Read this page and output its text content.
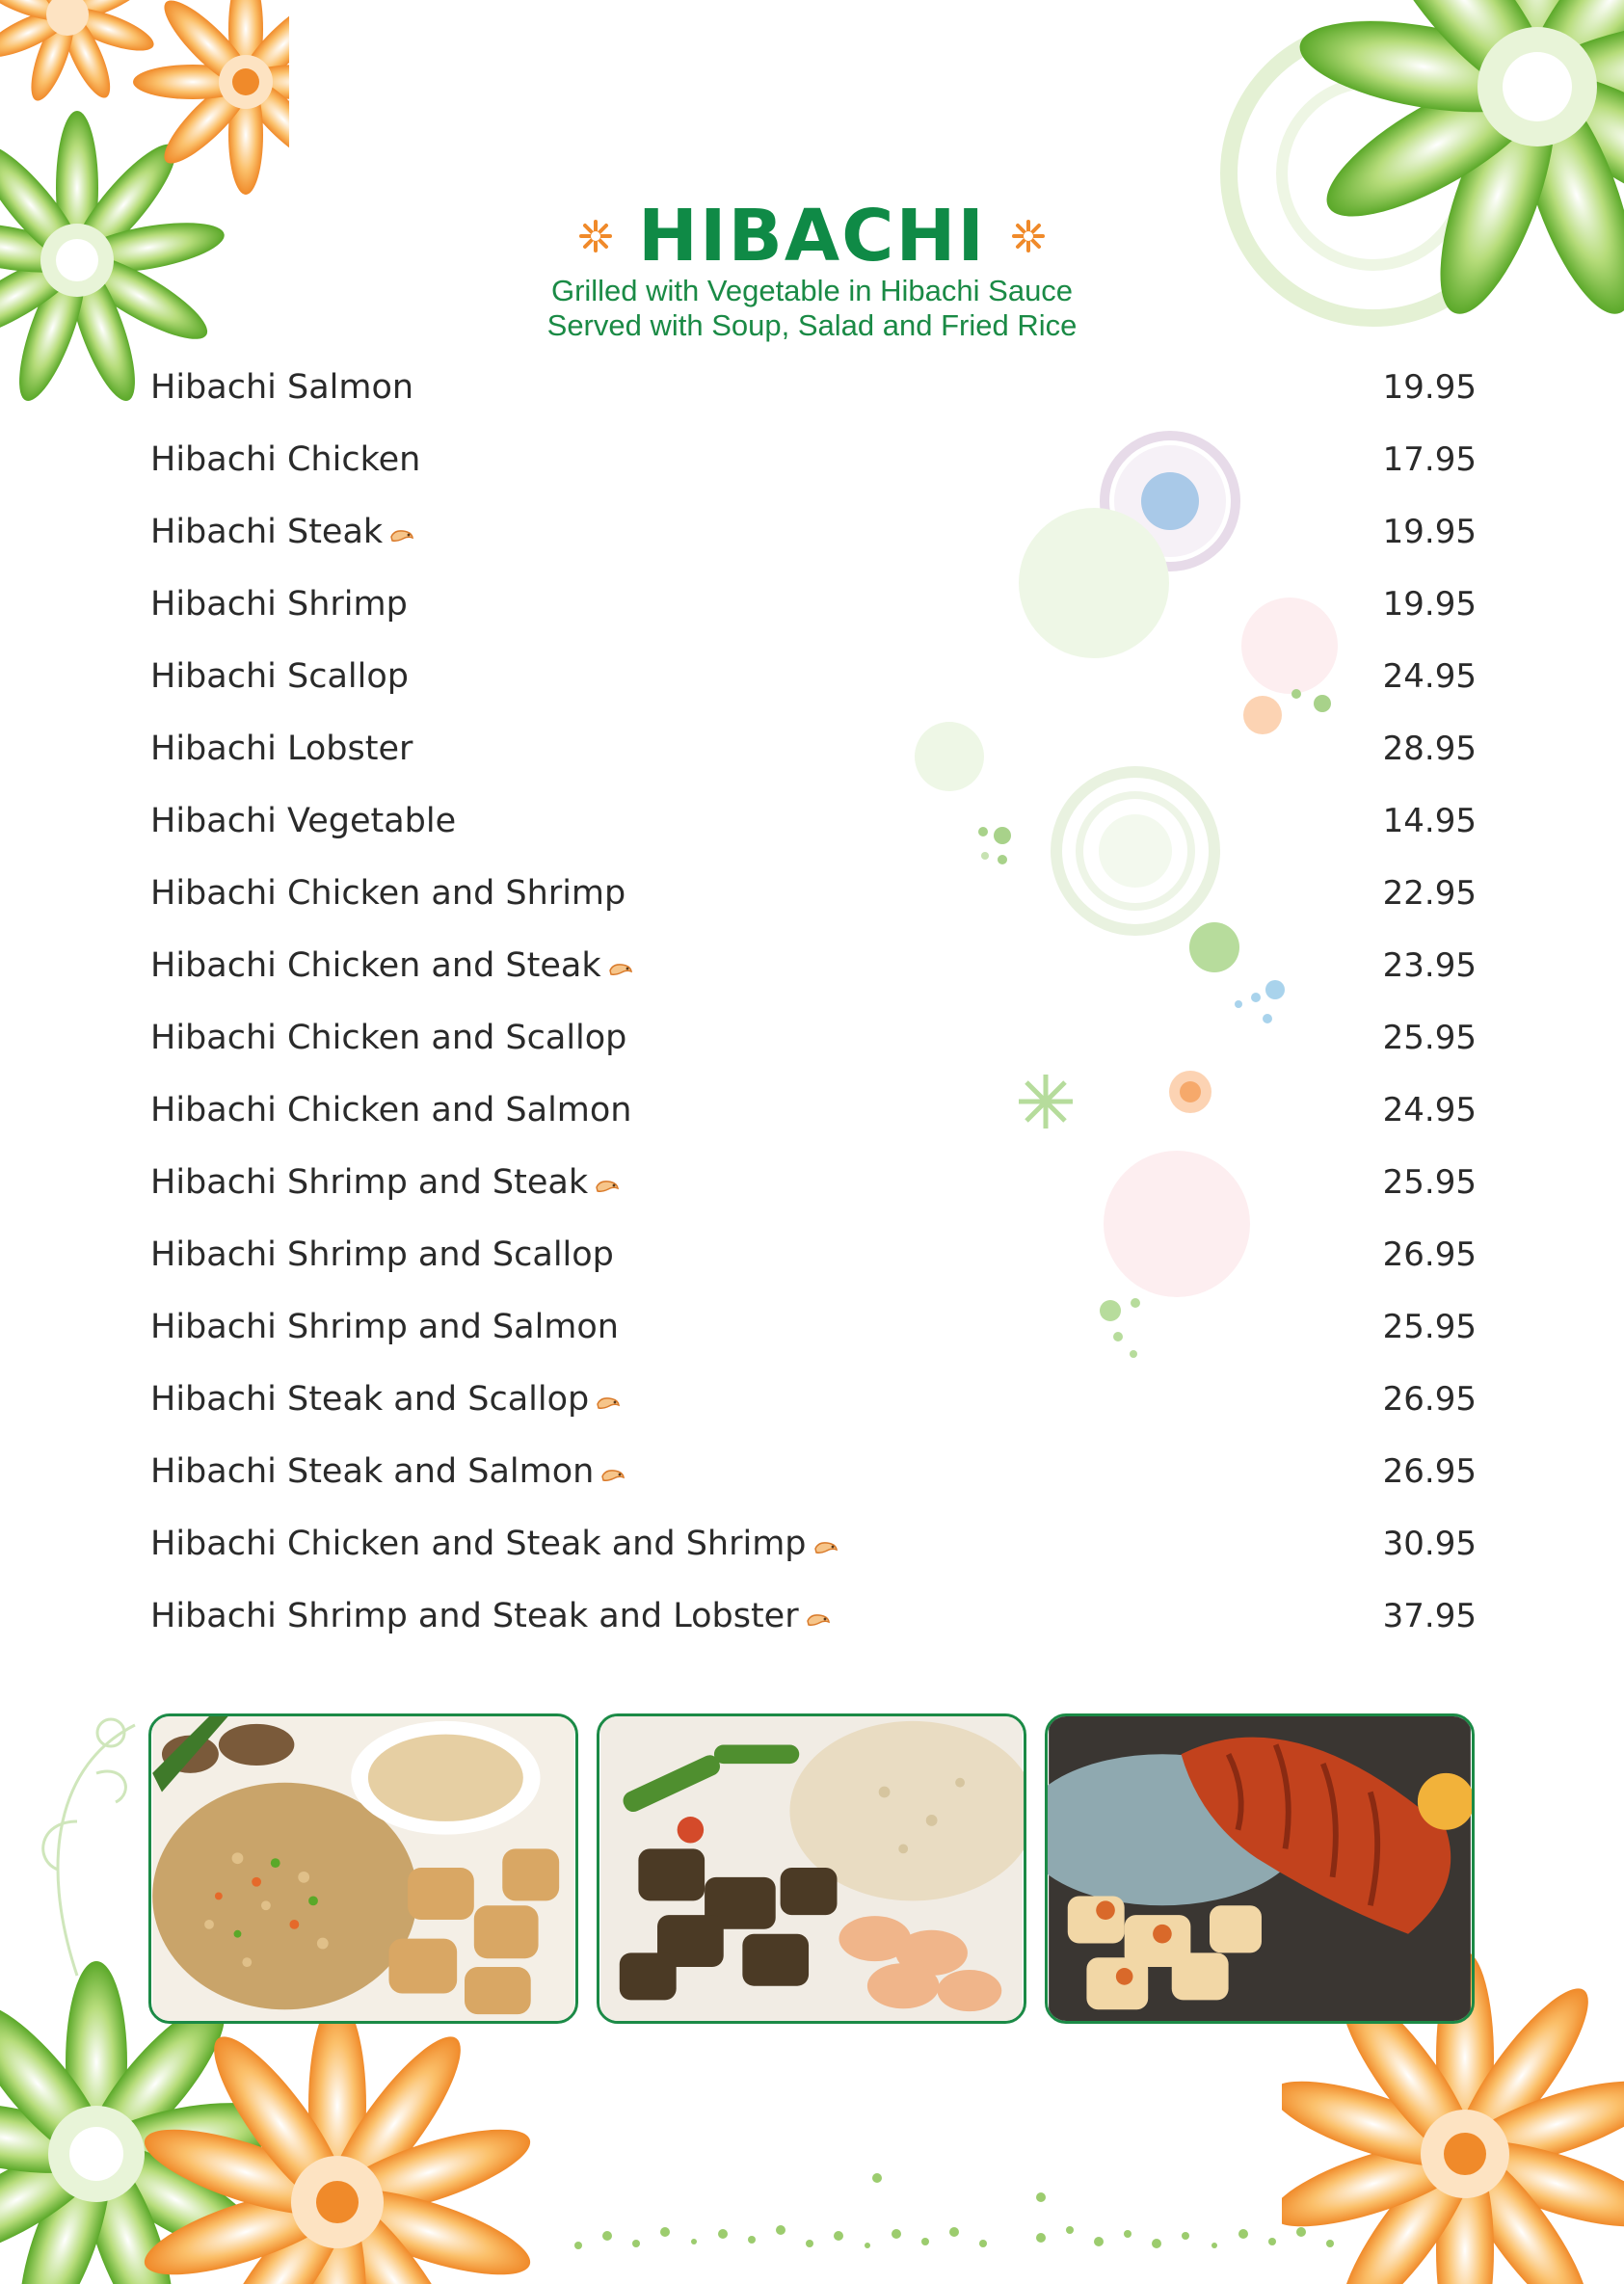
HIBACHI
Grilled with Vegetable in Hibachi Sauce
Served with Soup, Salad and Fried Rice
Hibachi Salmon	19.95
Hibachi Chicken	17.95
Hibachi Steak	19.95
Hibachi Shrimp	19.95
Hibachi Scallop	24.95
Hibachi Lobster	28.95
Hibachi Vegetable	14.95
Hibachi Chicken and Shrimp	22.95
Hibachi Chicken and Steak	23.95
Hibachi Chicken and Scallop	25.95
Hibachi Chicken and Salmon	24.95
Hibachi Shrimp and Steak	25.95
Hibachi Shrimp and Scallop	26.95
Hibachi Shrimp and Salmon	25.95
Hibachi Steak and Scallop	26.95
Hibachi Steak and Salmon	26.95
Hibachi Chicken and Steak and Shrimp	30.95
Hibachi Shrimp and Steak and Lobster	37.95
